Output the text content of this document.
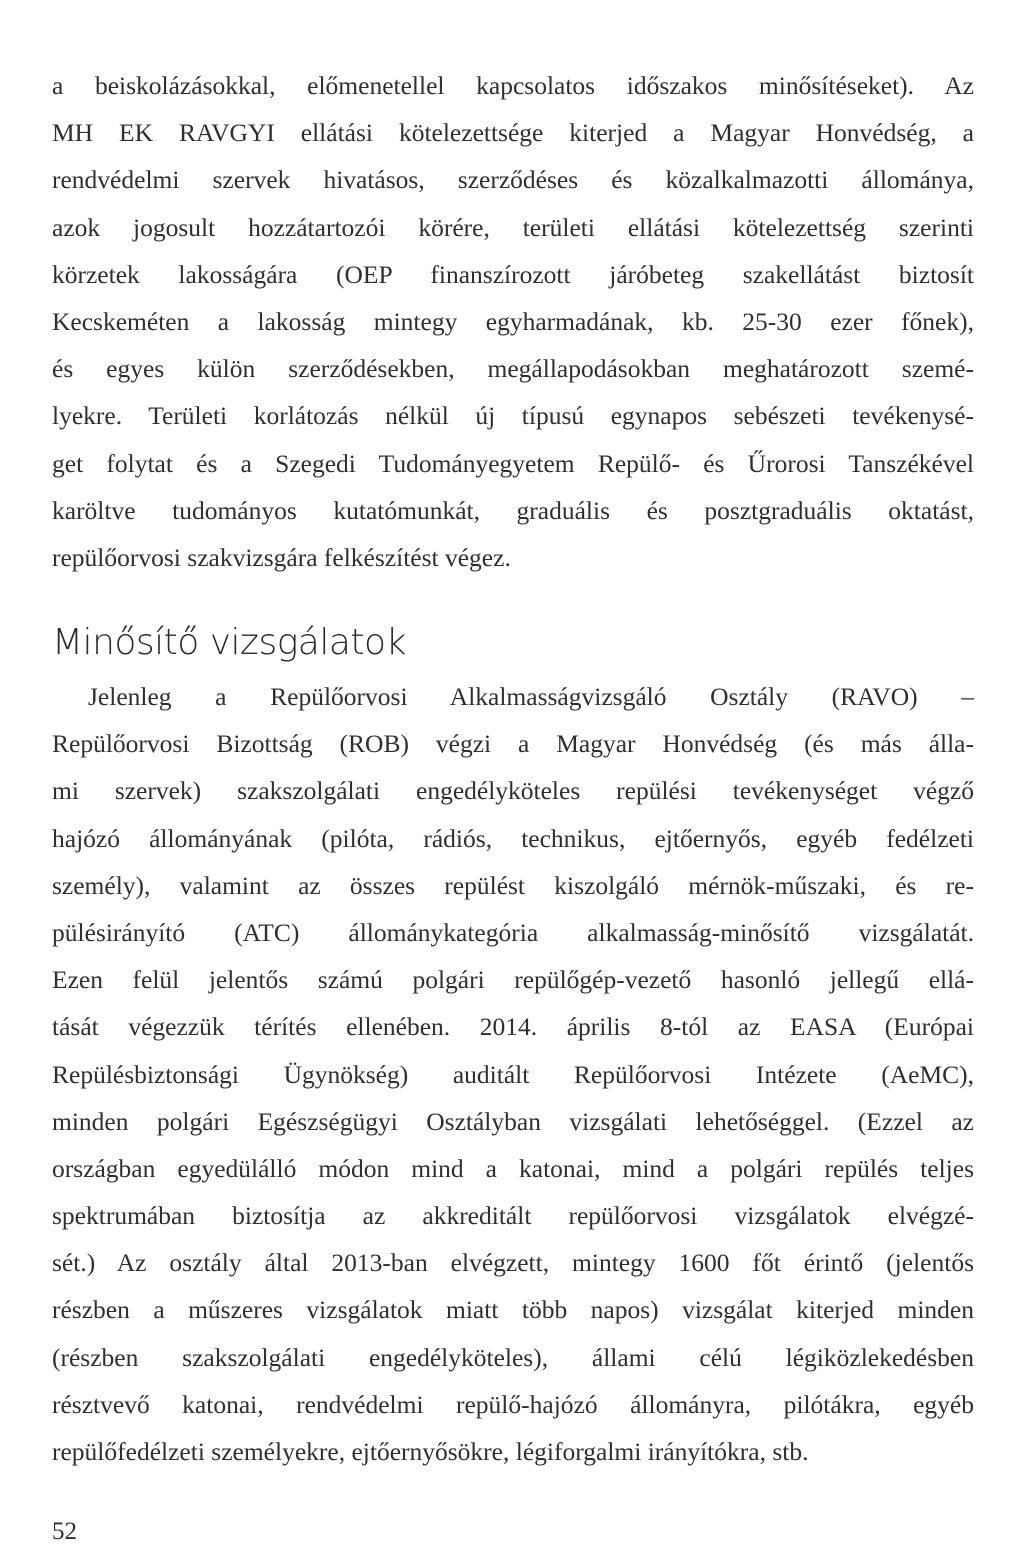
a beiskolázásokkal, előmenetellel kapcsolatos időszakos minősítéseket). Az
MH EK RAVGYI ellátási kötelezettsége kiterjed a Magyar Honvédség, a
rendvédelmi szervek hivatásos, szerződéses és közalkalmazotti állománya,
azok jogosult hozzátartozói körére, területi ellátási kötelezettség szerinti
körzetek lakosságára (OEP finanszírozott járóbeteg szakellátást biztosít
Kecskeméten a lakosság mintegy egyharmadának, kb. 25-30 ezer főnek),
és egyes külön szerződésekben, megállapodásokban meghatározott szemé-
lyekre. Területi korlátozás nélkül új típusú egynapos sebészeti tevékenysé-
get folytat és a Szegedi Tudományegyetem Repülő- és Űrorosi Tanszékével
karöltve tudományos kutatómunkát, graduális és posztgraduális oktatást,
repülőorvosi szakvizsgára felkészítést végez.

Minősítő vizsgálatok

Jelenleg a Repülőorvosi Alkalmasságvizsgáló Osztály (RAVO) –
Repülőorvosi Bizottság (ROB) végzi a Magyar Honvédség (és más álla-
mi szervek) szakszolgálati engedélyköteles repülési tevékenységet végző
hajózó állományának (pilóta, rádiós, technikus, ejtőernyős, egyéb fedélzeti
személy), valamint az összes repülést kiszolgáló mérnök-műszaki, és re-
pülésirányító (ATC) állománykategória alkalmasság-minősítő vizsgálatát.
Ezen felül jelentős számú polgári repülőgép-vezető hasonló jellegű ellá-
tását végezzük térítés ellenében. 2014. április 8-tól az EASA (Európai
Repülésbiztonsági Ügynökség) auditált Repülőorvosi Intézete (AeMC),
minden polgári Egészségügyi Osztályban vizsgálati lehetőséggel. (Ezzel az
országban egyedülálló módon mind a katonai, mind a polgári repülés teljes
spektrumában biztosítja az akkreditált repülőorvosi vizsgálatok elvégzé-
sét.) Az osztály által 2013-ban elvégzett, mintegy 1600 főt érintő (jelentős
részben a műszeres vizsgálatok miatt több napos) vizsgálat kiterjed minden
(részben szakszolgálati engedélyköteles), állami célú légiközlekedésben
résztvevő katonai, rendvédelmi repülő-hajózó állományra, pilótákra, egyéb
repülőfedélzeti személyekre, ejtőernyősökre, légiforgalmi irányítókra, stb.

52
